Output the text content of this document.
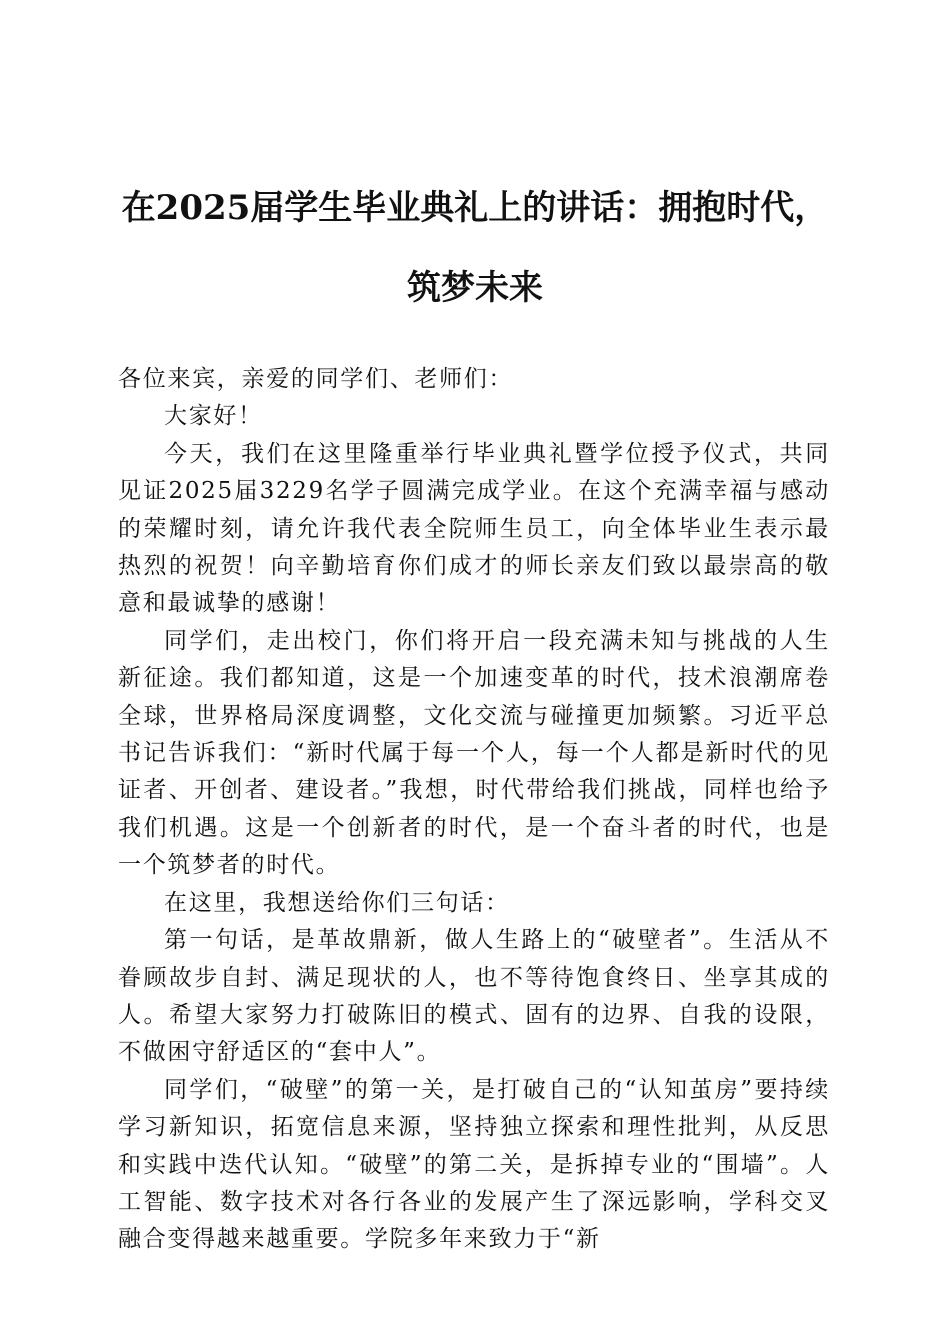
在2025届学生毕业典礼上的讲话：拥抱时代，
筑梦未来

各位来宾，亲爱的同学们、老师们：

大家好！

今天，我们在这里隆重举行毕业典礼暨学位授予仪式，共同见证2025届3229名学子圆满完成学业。在这个充满幸福与感动的荣耀时刻，请允许我代表全院师生员工，向全体毕业生表示最热烈的祝贺！向辛勤培育你们成才的师长亲友们致以最崇高的敬意和最诚挚的感谢！

同学们，走出校门，你们将开启一段充满未知与挑战的人生新征途。我们都知道，这是一个加速变革的时代，技术浪潮席卷全球，世界格局深度调整，文化交流与碰撞更加频繁。习近平总书记告诉我们：“新时代属于每一个人，每一个人都是新时代的见证者、开创者、建设者。”我想，时代带给我们挑战，同样也给予我们机遇。这是一个创新者的时代，是一个奋斗者的时代，也是一个筑梦者的时代。

在这里，我想送给你们三句话：

第一句话，是革故鼎新，做人生路上的“破壁者”。生活从不眷顾故步自封、满足现状的人，也不等待饱食终日、坐享其成的人。希望大家努力打破陈旧的模式、固有的边界、自我的设限，不做困守舒适区的“套中人”。

同学们，“破壁”的第一关，是打破自己的“认知茧房”要持续学习新知识，拓宽信息来源，坚持独立探索和理性批判，从反思和实践中迭代认知。“破壁”的第二关，是拆掉专业的“围墙”。人工智能、数字技术对各行各业的发展产生了深远影响，学科交叉融合变得越来越重要。学院多年来致力于“新
